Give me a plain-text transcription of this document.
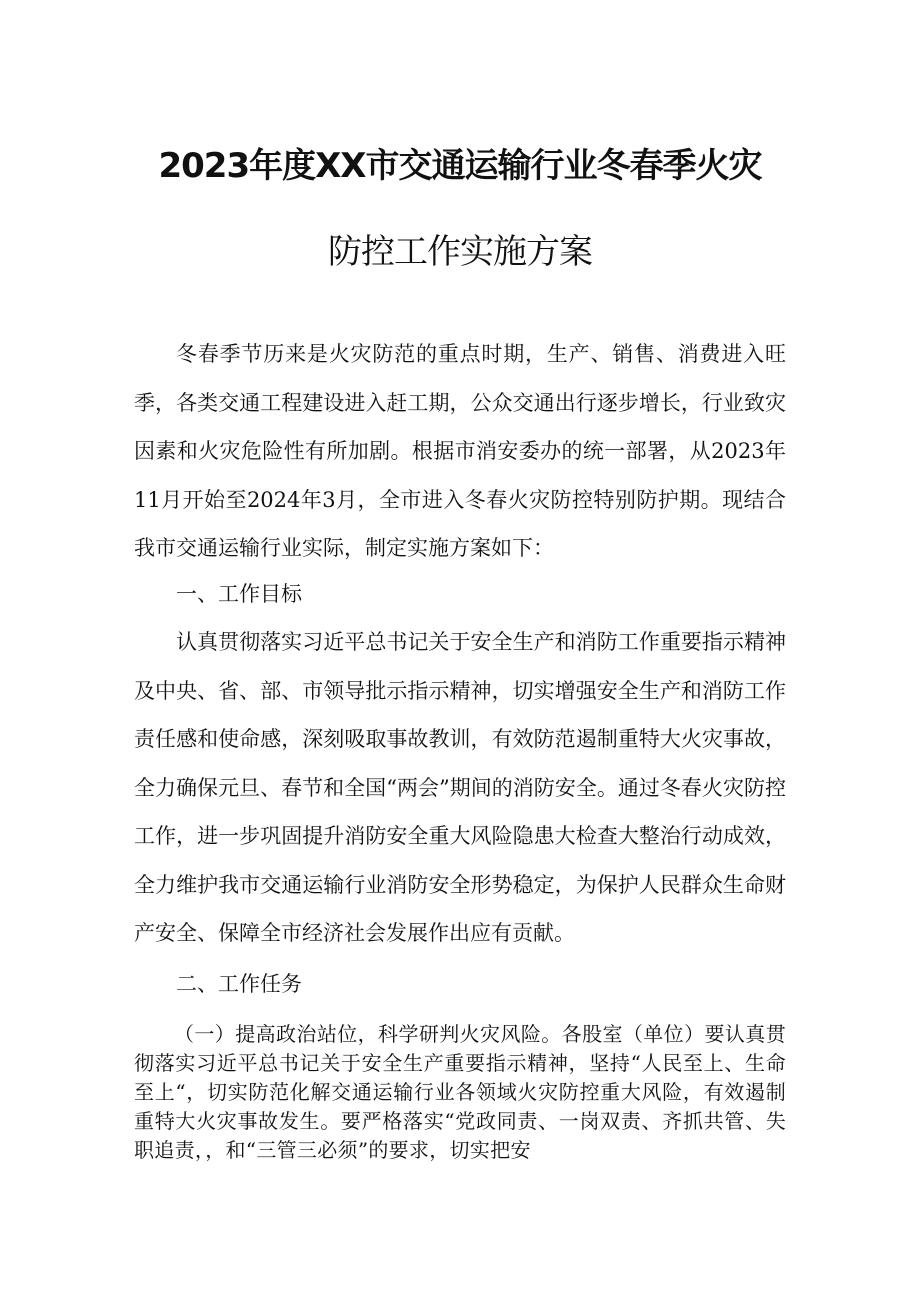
2023年度XX市交通运输行业冬春季火灾
防控工作实施方案

冬春季节历来是火灾防范的重点时期，生产、销售、消费进入旺季，各类交通工程建设进入赶工期，公众交通出行逐步增长，行业致灾因素和火灾危险性有所加剧。根据市消安委办的统一部署，从2023年11月开始至2024年3月，全市进入冬春火灾防控特别防护期。现结合我市交通运输行业实际，制定实施方案如下：

一、工作目标

认真贯彻落实习近平总书记关于安全生产和消防工作重要指示精神及中央、省、部、市领导批示指示精神，切实增强安全生产和消防工作责任感和使命感，深刻吸取事故教训，有效防范遏制重特大火灾事故，全力确保元旦、春节和全国“两会”期间的消防安全。通过冬春火灾防控工作，进一步巩固提升消防安全重大风险隐患大检查大整治行动成效，全力维护我市交通运输行业消防安全形势稳定，为保护人民群众生命财产安全、保障全市经济社会发展作出应有贡献。

二、工作任务

（一）提高政治站位，科学研判火灾风险。各股室（单位）要认真贯彻落实习近平总书记关于安全生产重要指示精神，坚持“人民至上、生命至上“，切实防范化解交通运输行业各领域火灾防控重大风险，有效遏制重特大火灾事故发生。要严格落实“党政同责、一岗双责、齐抓共管、失职追责，，和“三管三必须”的要求，切实把安
